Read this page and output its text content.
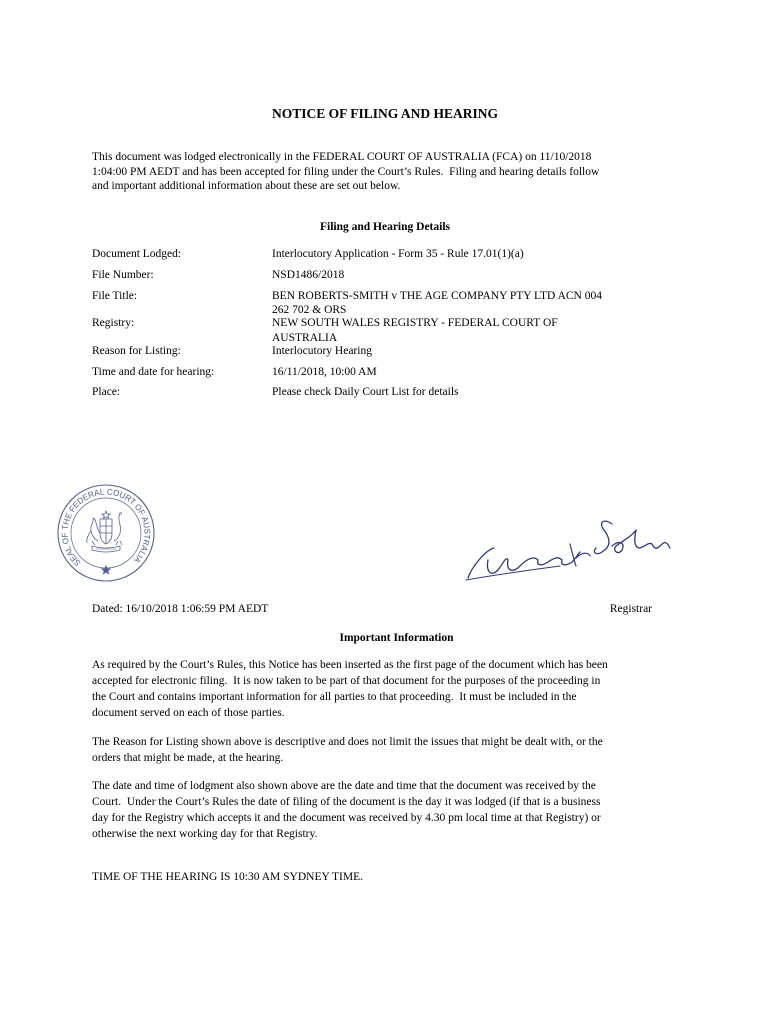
NOTICE OF FILING AND HEARING
This document was lodged electronically in the FEDERAL COURT OF AUSTRALIA (FCA) on 11/10/2018
1:04:00 PM AEDT and has been accepted for filing under the Court’s Rules.  Filing and hearing details follow
and important additional information about these are set out below.
Filing and Hearing Details
Document Lodged:	Interlocutory Application - Form 35 - Rule 17.01(1)(a)
File Number:	NSD1486/2018
File Title:	BEN ROBERTS-SMITH v THE AGE COMPANY PTY LTD ACN 004
262 702 & ORS
Registry:	NEW SOUTH WALES REGISTRY - FEDERAL COURT OF
AUSTRALIA
Reason for Listing:	Interlocutory Hearing
Time and date for hearing:	16/11/2018, 10:00 AM
Place:	Please check Daily Court List for details
SEAL OF THE FEDERAL COURT OF AUSTRALIA
Dated: 16/10/2018 1:06:59 PM AEDT	Registrar
Important Information
As required by the Court’s Rules, this Notice has been inserted as the first page of the document which has been
accepted for electronic filing.  It is now taken to be part of that document for the purposes of the proceeding in
the Court and contains important information for all parties to that proceeding.  It must be included in the
document served on each of those parties.
The Reason for Listing shown above is descriptive and does not limit the issues that might be dealt with, or the
orders that might be made, at the hearing.
The date and time of lodgment also shown above are the date and time that the document was received by the
Court.  Under the Court’s Rules the date of filing of the document is the day it was lodged (if that is a business
day for the Registry which accepts it and the document was received by 4.30 pm local time at that Registry) or
otherwise the next working day for that Registry.
TIME OF THE HEARING IS 10:30 AM SYDNEY TIME.
